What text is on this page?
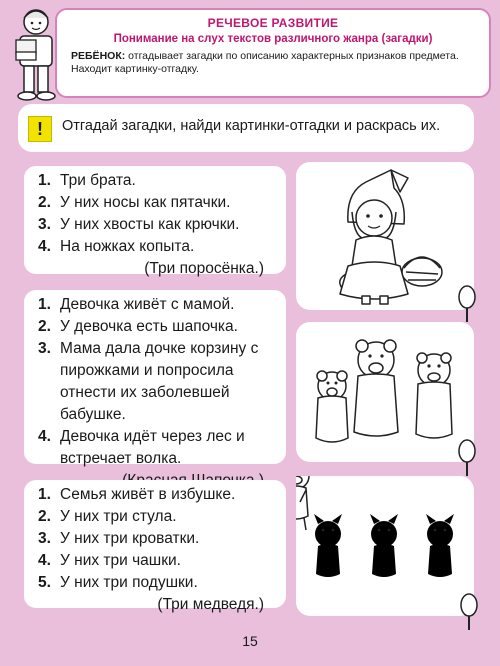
РЕЧЕВОЕ РАЗВИТИЕ
Понимание на слух текстов различного жанра (загадки)
РЕБЁНОК: отгадывает загадки по описанию характерных признаков предмета. Находит картинку-отгадку.
!	Отгадай загадки, найди картинки-отгадки и раскрась их.
1. Три брата.
2. У них носы как пятачки.
3. У них хвосты как крючки.
4. На ножках копыта.
(Три поросёнка.)
1. Девочка живёт с мамой.
2. У девочка есть шапочка.
3. Мама дала дочке корзину с пирожками и попросила отнести их заболевшей бабушке.
4. Девочка идёт через лес и встречает волка.
1. Семья живёт в избушке.
2. У них три стула.
3. У них три кроватки.
4. У них три чашки.
5. У них три подушки.
(Три медведя.)
15
